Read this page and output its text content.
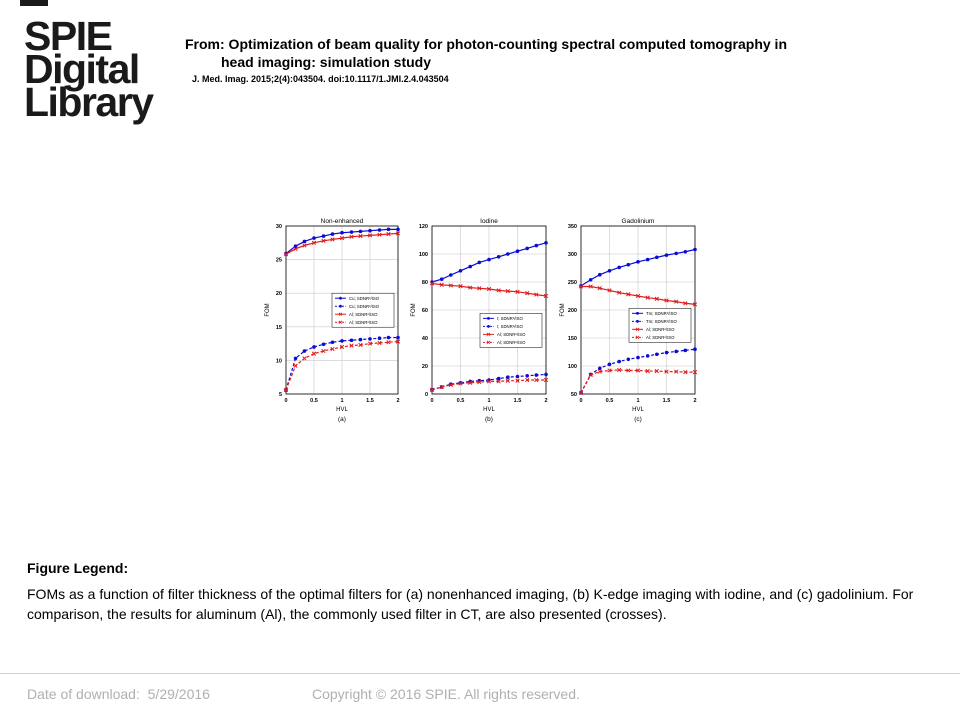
SPIE
Digital
Library
From: Optimization of beam quality for photon-counting spectral computed tomography in
head imaging: simulation study
J. Med. Imag. 2015;2(4):043504. doi:10.1117/1.JMI.2.4.043504
0	0.5	1	1.5	2
5
10
15
20
25
30
Non-enhanced
HVL
FOM
(a)
Cu; SDNR²/ISO
Cu; SDNR²/ISO
Al; SDNR²/ISO
Al; SDNR²/ISO
0	0.5	1	1.5	2
0
20
40
60
80
100
120
Iodine
HVL
FOM
(b)
I; SDNR²/ISO
I; SDNR²/ISO
Al; SDNR²/ISO
Al; SDNR²/ISO
0	0.5	1	1.5	2
50
100
150
200
250
300
350
Gadolinium
HVL
FOM
(c)
Tm; SDNR²/ISO
Tm; SDNR²/ISO
Al; SDNR²/ISO
Al; SDNR²/ISO
Figure Legend:
FOMs as a function of filter thickness of the optimal filters for (a) nonenhanced imaging, (b) K-edge imaging with iodine, and (c) gadolinium. For comparison, the results for aluminum (Al), the commonly used filter in CT, are also presented (crosses).
Date of download: 5/29/2016	Copyright © 2016 SPIE. All rights reserved.
